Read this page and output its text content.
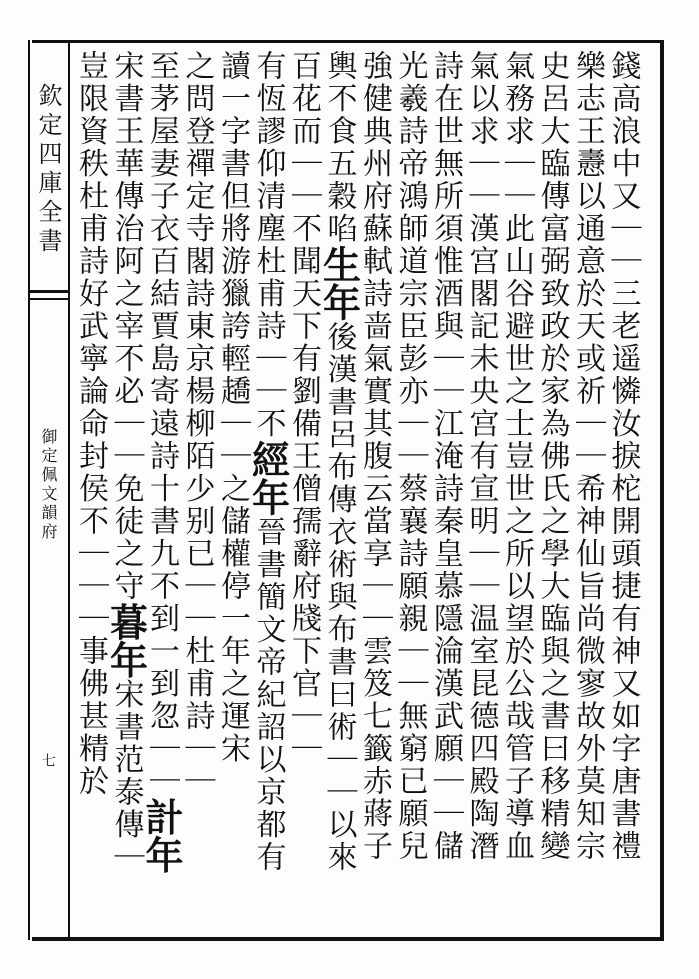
欽定四庫全書
御定佩文韻府
七	錢高浪中又｜｜三老遥憐汝捩柁開頭捷有神又如字唐書禮
樂志王㦞以通意於天或祈｜｜希神仙旨尚微寥故外莫知宗
史呂大臨傳富弼致政於家為佛氏之學大臨與之書曰移精變
氣務求｜｜此山谷避世之士豈世之所以望於公哉管子導血
氣以求｜｜漢宫閣記未央宫有宣明｜｜温室昆德四殿陶潛
詩在世無所須惟酒與｜｜江淹詩秦皇慕隱淪漢武願｜｜儲
光羲詩帝鴻師道宗臣彭亦｜｜蔡襄詩願親｜｜無窮已願兒
強健典州府蘇軾詩啬氣實其腹云當享｜｜雲笈七籤赤蔣子
輿不食五穀啗生年後漢書呂布傳衣術與布書曰術｜｜以來
百花而｜｜不聞天下有劉備王僧孺辭府牋下官｜｜
有恆謬仰清塵杜甫詩｜｜不經年晉書簡文帝紀詔以京都有
讀一字書但將游獵誇輕趫｜｜之儲權停一年之運宋
之問登禪定寺閣詩東京楊柳陌少别已｜｜杜甫詩｜｜
至茅屋妻子衣百結賈島寄遠詩十書九不到一到忽｜｜計年
宋書王華傳治阿之宰不必｜｜免徒之守暮年宋書范泰傳｜
豈限資秩杜甫詩好武寧論命封侯不｜｜｜事佛甚精於
